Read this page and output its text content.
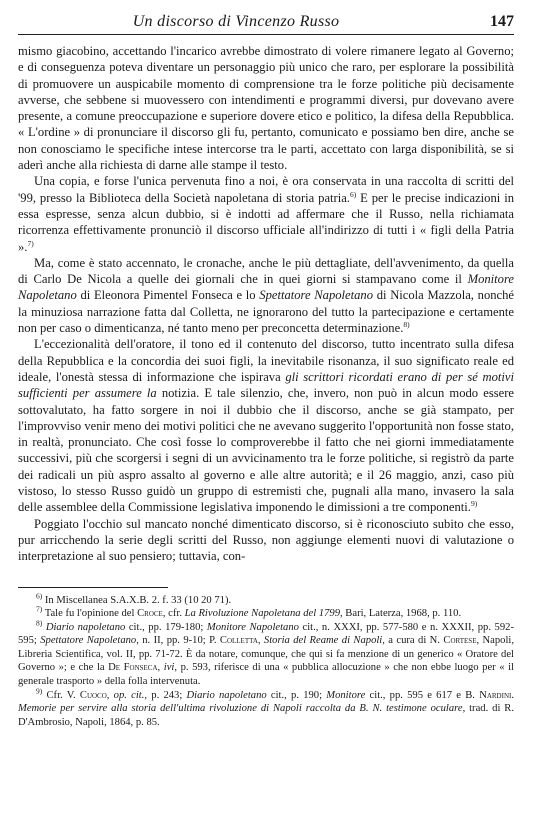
Un discorso di Vincenzo Russo	147

mismo giacobino, accettando l'incarico avrebbe dimostrato di volere rimanere legato al Governo; e di conseguenza poteva diventare un personaggio più unico che raro, per esplorare la possibilità di promuovere un auspicabile momento di comprensione tra le forze politiche più decisamente avverse, che sebbene si muovessero con intendimenti e programmi diversi, pur dovevano avere presente, a comune preoccupazione e superiore dovere etico e politico, la difesa della Repubblica. « L'ordine » di pronunciare il discorso gli fu, pertanto, comunicato e possiamo ben dire, anche se non conosciamo le specifiche intese intercorse tra le parti, accettato con larga disponibilità, se si aderì anche alla richiesta di darne alle stampe il testo.

Una copia, e forse l'unica pervenuta fino a noi, è ora conservata in una raccolta di scritti del '99, presso la Biblioteca della Società napoletana di storia patria.$^{6)}$ E per le precise indicazioni in essa espresse, senza alcun dubbio, si è indotti ad affermare che il Russo, nella richiamata ricorrenza effettivamente pronunciò il discorso ufficiale all'indirizzo di tutti i « figli della Patria ».$^{7)}$

Ma, come è stato accennato, le cronache, anche le più dettagliate, dell'avvenimento, da quella di Carlo De Nicola a quelle dei giornali che in quei giorni si stampavano come il Monitore Napoletano di Eleonora Pimentel Fonseca e lo Spettatore Napoletano di Nicola Mazzola, nonché la minuziosa narrazione fatta dal Colletta, ne ignorarono del tutto la partecipazione e certamente non per caso o dimenticanza, né tanto meno per preconcetta determinazione.$^{8)}$

L'eccezionalità dell'oratore, il tono ed il contenuto del discorso, tutto incentrato sulla difesa della Repubblica e la concordia dei suoi figli, la inevitabile risonanza, il suo significato reale ed ideale, l'onestà stessa di informazione che ispirava gli scrittori ricordati erano di per sé motivi sufficienti per assumere la notizia. E tale silenzio, che, invero, non può in alcun modo essere sottovalutato, ha fatto sorgere in noi il dubbio che il discorso, anche se già stampato, per l'improvviso venir meno dei motivi politici che ne avevano suggerito l'opportunità non fosse stato, in realtà, pronunciato. Che così fosse lo comproverebbe il fatto che nei giorni immediatamente successivi, più che scorgersi i segni di un avvicinamento tra le forze politiche, si registrò da parte dei radicali un più aspro assalto al governo e alle altre autorità; e il 26 maggio, anzi, caso più vistoso, lo stesso Russo guidò un gruppo di estremisti che, pugnali alla mano, invasero la sala delle assemblee della Commissione legislativa imponendo le dimissioni a tre componenti.$^{9)}$

Poggiato l'occhio sul mancato nonché dimenticato discorso, si è riconosciuto subito che esso, pur arricchendo la serie degli scritti del Russo, non aggiunge elementi nuovi di valutazione o interpretazione al suo pensiero; tuttavia, con-

$^{6)}$ In Miscellanea S.A.X.B. 2. f. 33 (10 20 71).

$^{7)}$ Tale fu l'opinione del Croce, cfr. La Rivoluzione Napoletana del 1799, Bari, Laterza, 1968, p. 110.

$^{8)}$ Diario napoletano cit., pp. 179-180; Monitore Napoletano cit., n. XXXI, pp. 577-580 e n. XXXII, pp. 592-595; Spettatore Napoletano, n. II, pp. 9-10; P. Colletta, Storia del Reame di Napoli, a cura di N. Cortese, Napoli, Libreria Scientifica, vol. II, pp. 71-72. È da notare, comunque, che qui si fa menzione di un generico « Oratore del Governo »; e che la De Fonseca, ivi, p. 593, riferisce di una « pubblica allocuzione » che non ebbe luogo per « il generale trasporto » della folla intervenuta.

$^{9)}$ Cfr. V. Cuoco, op. cit., p. 243; Diario napoletano cit., p. 190; Monitore cit., pp. 595 e 617 e B. Nardini. Memorie per servire alla storia dell'ultima rivoluzione di Napoli raccolta da B. N. testimone oculare, trad. di R. D'Ambrosio, Napoli, 1864, p. 85.
